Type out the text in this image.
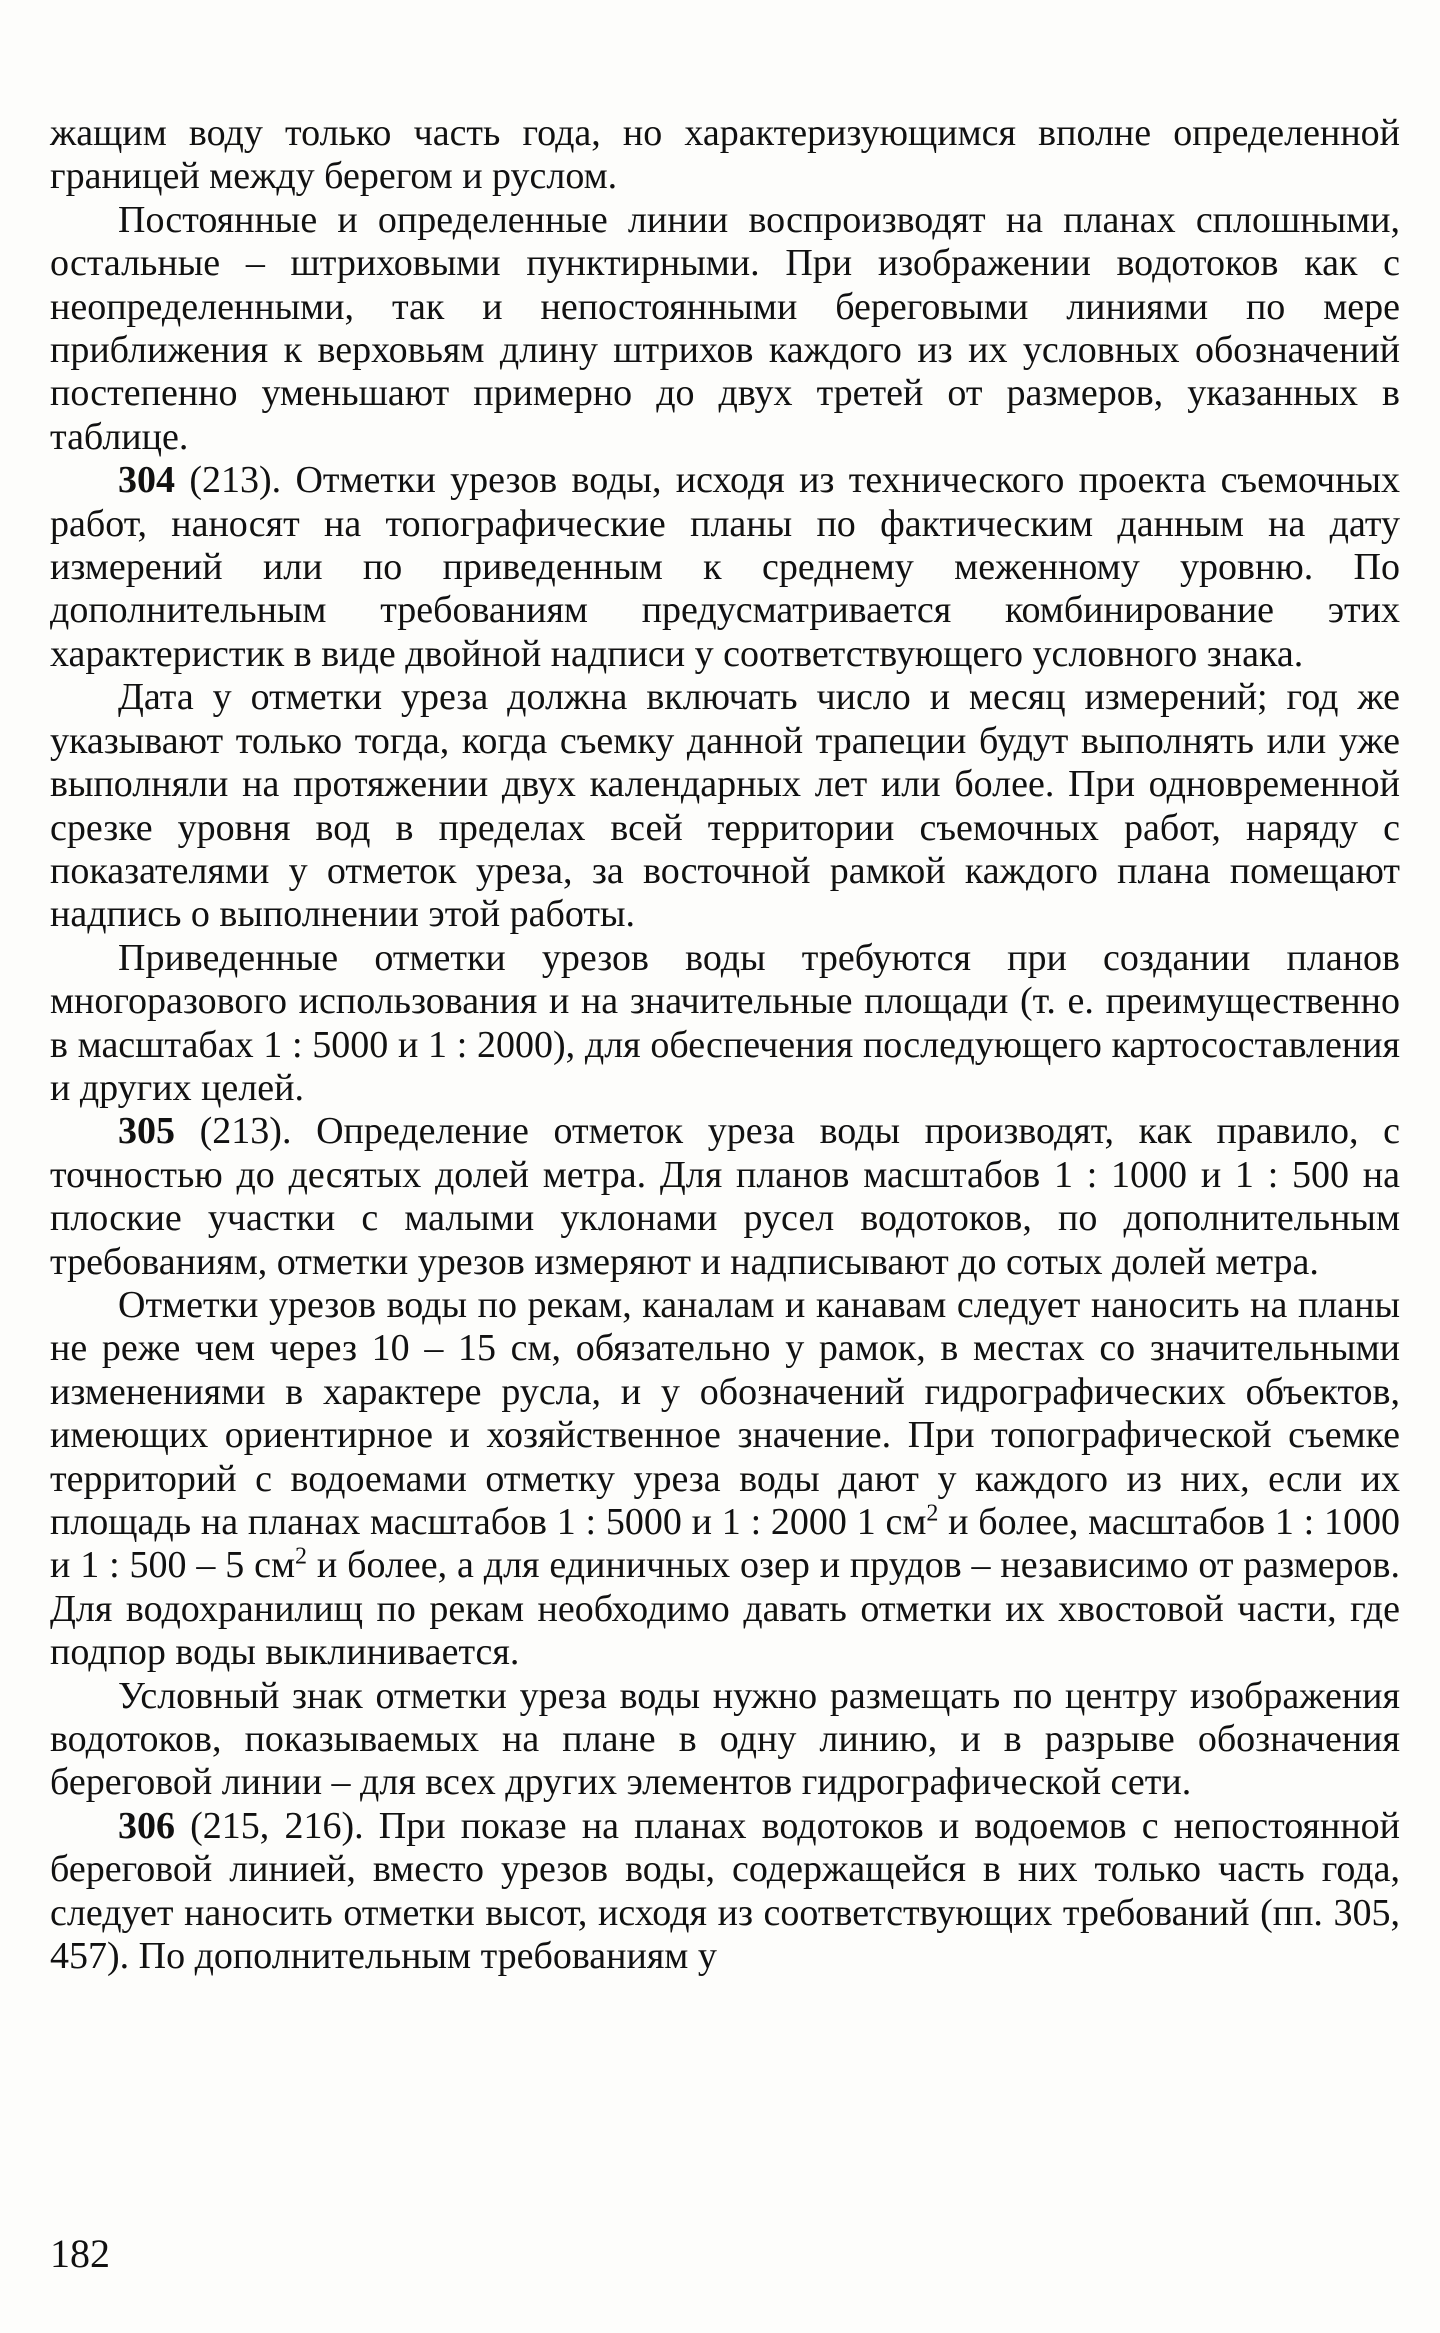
жащим воду только часть года, но характеризующимся вполне определенной границей между берегом и руслом.

Постоянные и определенные линии воспроизводят на планах сплошными, остальные – штриховыми пунктирными. При изображении водотоков как с неопределенными, так и непостоянными береговыми линиями по мере приближения к верховьям длину штрихов каждого из их условных обозначений постепенно уменьшают примерно до двух третей от размеров, указанных в таблице.

304 (213). Отметки урезов воды, исходя из технического проекта съемочных работ, наносят на топографические планы по фактическим данным на дату измерений или по приведенным к среднему меженному уровню. По дополнительным требованиям предусматривается комбинирование этих характеристик в виде двойной надписи у соответствующего условного знака.

Дата у отметки уреза должна включать число и месяц измерений; год же указывают только тогда, когда съемку данной трапеции будут выполнять или уже выполняли на протяжении двух календарных лет или более. При одновременной срезке уровня вод в пределах всей территории съемочных работ, наряду с показателями у отметок уреза, за восточной рамкой каждого плана помещают надпись о выполнении этой работы.

Приведенные отметки урезов воды требуются при создании планов многоразового использования и на значительные площади (т. е. преимущественно в масштабах 1 : 5000 и 1 : 2000), для обеспечения последующего картосоставления и других целей.

305 (213). Определение отметок уреза воды производят, как правило, с точностью до десятых долей метра. Для планов масштабов 1 : 1000 и 1 : 500 на плоские участки с малыми уклонами русел водотоков, по дополнительным требованиям, отметки урезов измеряют и надписывают до сотых долей метра.

Отметки урезов воды по рекам, каналам и канавам следует наносить на планы не реже чем через 10 – 15 см, обязательно у рамок, в местах со значительными изменениями в характере русла, и у обозначений гидрографических объектов, имеющих ориентирное и хозяйственное значение. При топографической съемке территорий с водоемами отметку уреза воды дают у каждого из них, если их площадь на планах масштабов 1 : 5000 и 1 : 2000 1 $см^2$ и более, масштабов 1 : 1000 и 1 : 500 – 5 $см^2$ и более, а для единичных озер и прудов – независимо от размеров. Для водохранилищ по рекам необходимо давать отметки их хвостовой части, где подпор воды выклинивается.

Условный знак отметки уреза воды нужно размещать по центру изображения водотоков, показываемых на плане в одну линию, и в разрыве обозначения береговой линии – для всех других элементов гидрографической сети.

306 (215, 216). При показе на планах водотоков и водоемов с непостоянной береговой линией, вместо урезов воды, содержащейся в них только часть года, следует наносить отметки высот, исходя из соответствующих требований (пп. 305, 457). По дополнительным требованиям у

182
